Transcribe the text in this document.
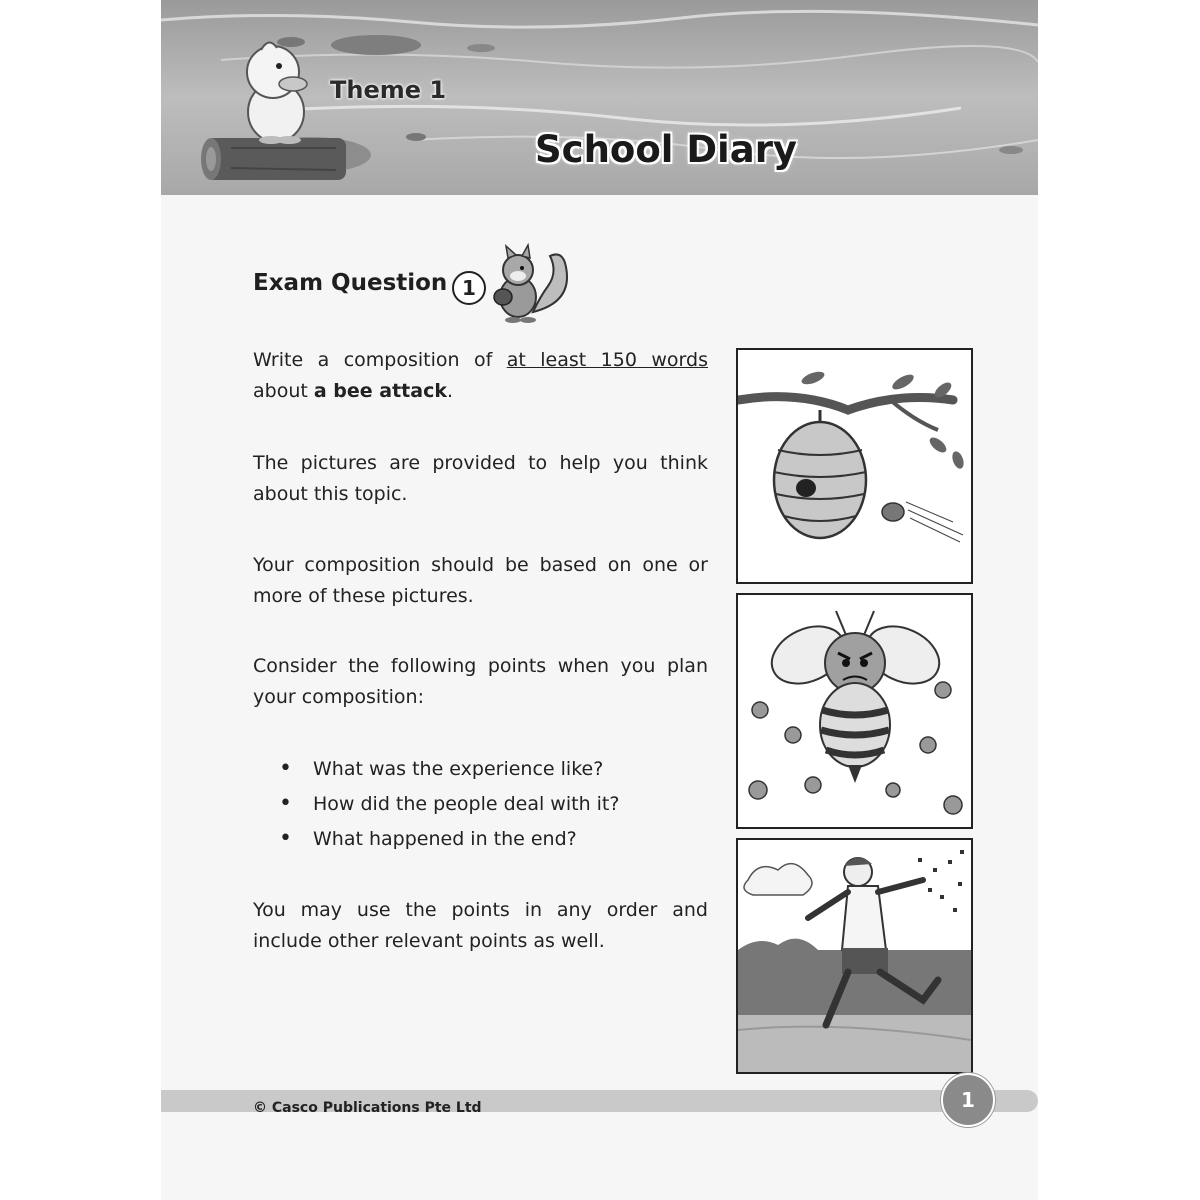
Theme 1
School Diary
Exam Question 1
Write a composition of at least 150 words about a bee attack.
The pictures are provided to help you think about this topic.
Your composition should be based on one or more of these pictures.
Consider the following points when you plan your composition:
• What was the experience like?
• How did the people deal with it?
• What happened in the end?
You may use the points in any order and include other relevant points as well.
© Casco Publications Pte Ltd	1
